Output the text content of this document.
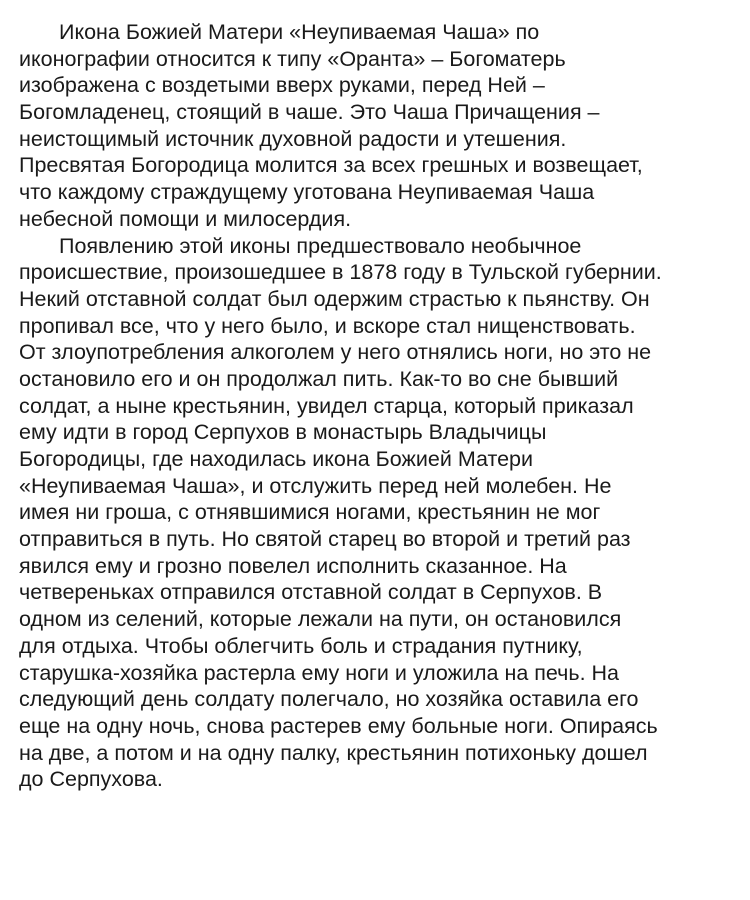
Икона Божией Матери «Неупиваемая Чаша» по
иконографии относится к типу «Оранта» – Богоматерь
изображена с воздетыми вверх руками, перед Ней –
Богомладенец, стоящий в чаше. Это Чаша Причащения –
неистощимый источник духовной радости и утешения.
Пресвятая Богородица молится за всех грешных и возвещает,
что каждому страждущему уготована Неупиваемая Чаша
небесной помощи и милосердия.
Появлению этой иконы предшествовало необычное
происшествие, произошедшее в 1878 году в Тульской губернии.
Некий отставной солдат был одержим страстью к пьянству. Он
пропивал все, что у него было, и вскоре стал нищенствовать.
От злоупотребления алкоголем у него отнялись ноги, но это не
остановило его и он продолжал пить. Как-то во сне бывший
солдат, а ныне крестьянин, увидел старца, который приказал
ему идти в город Серпухов в монастырь Владычицы
Богородицы, где находилась икона Божией Матери
«Неупиваемая Чаша», и отслужить перед ней молебен. Не
имея ни гроша, с отнявшимися ногами, крестьянин не мог
отправиться в путь. Но святой старец во второй и третий раз
явился ему и грозно повелел исполнить сказанное. На
четвереньках отправился отставной солдат в Серпухов. В
одном из селений, которые лежали на пути, он остановился
для отдыха. Чтобы облегчить боль и страдания путнику,
старушка-хозяйка растерла ему ноги и уложила на печь. На
следующий день солдату полегчало, но хозяйка оставила его
еще на одну ночь, снова растерев ему больные ноги. Опираясь
на две, а потом и на одну палку, крестьянин потихоньку дошел
до Серпухова.
